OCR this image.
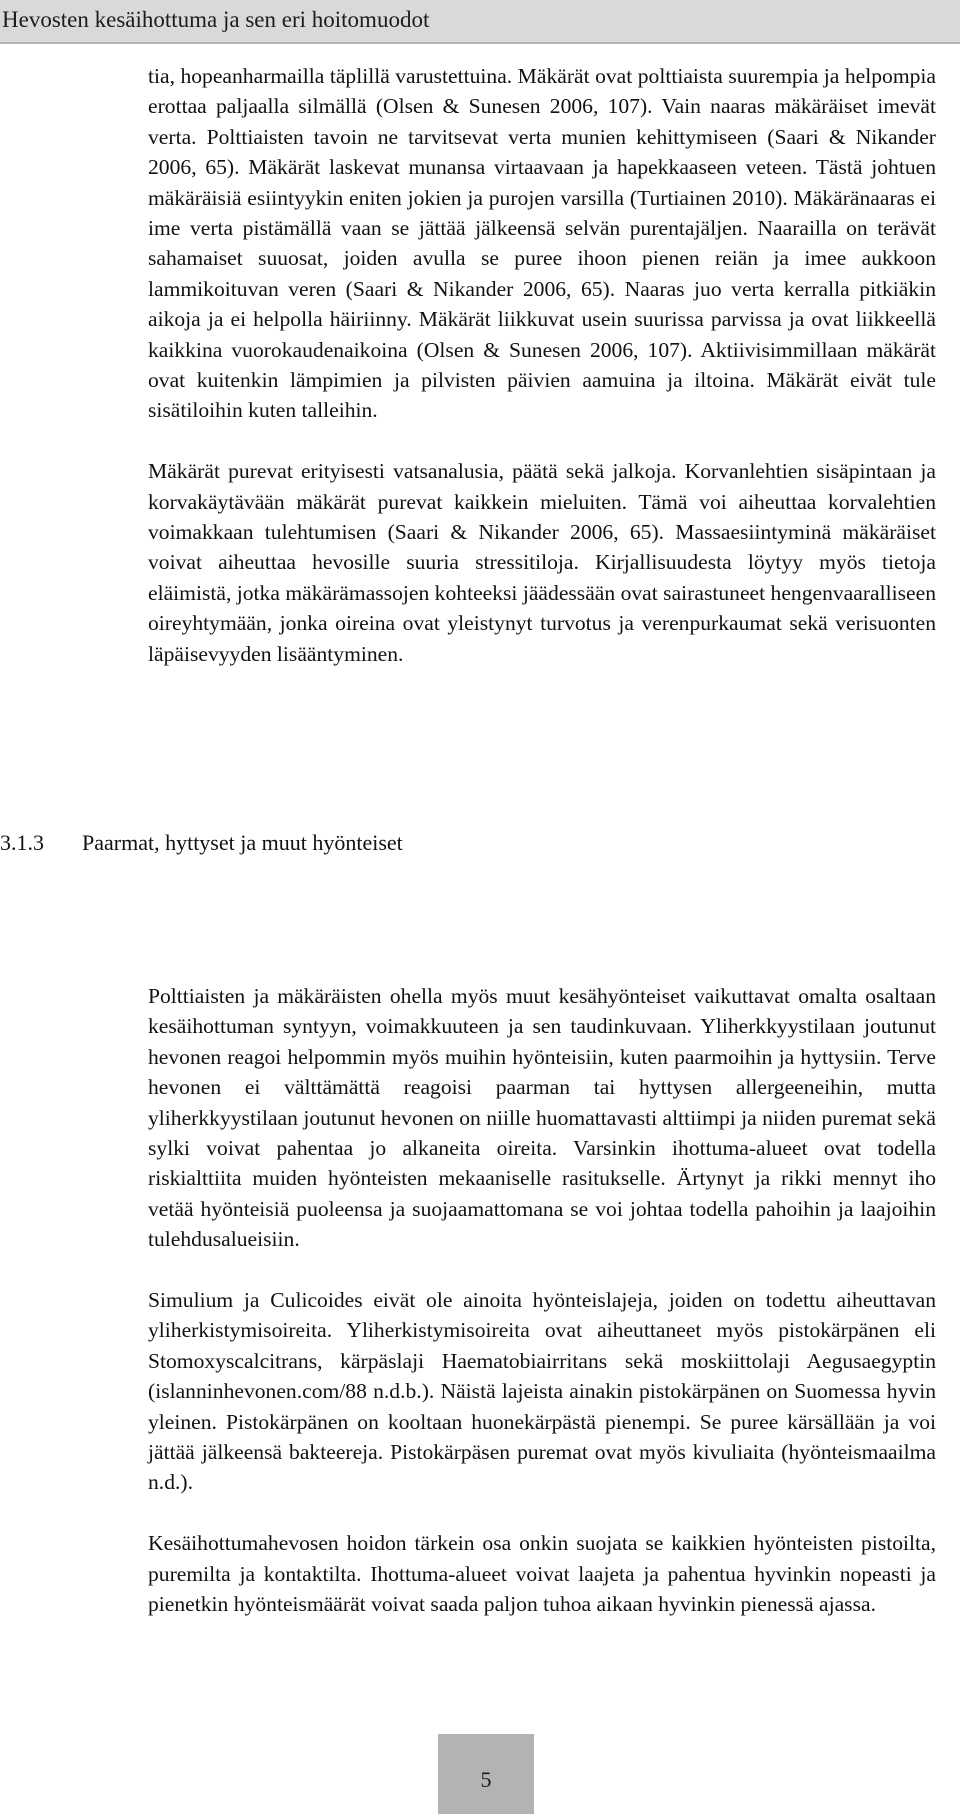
Hevosten kesäihottuma ja sen eri hoitomuodot

tia, hopeanharmailla täplillä varustettuina. Mäkärät ovat polttiaista suurempia ja helpompia erottaa paljaalla silmällä (Olsen & Sunesen 2006, 107). Vain naaras mäkäräiset imevät verta. Polttiaisten tavoin ne tarvitsevat verta munien kehittymiseen (Saari & Nikander 2006, 65). Mäkärät laskevat munansa virtaavaan ja hapekkaaseen veteen. Tästä johtuen mäkäräisiä esiintyykin eniten jokien ja purojen varsilla (Turtiainen 2010). Mäkäränaaras ei ime verta pistämällä vaan se jättää jälkeensä selvän purentajäljen. Naarailla on terävät sahamaiset suuosat, joiden avulla se puree ihoon pienen reiän ja imee aukkoon lammikoituvan veren (Saari & Nikander 2006, 65). Naaras juo verta kerralla pitkiäkin aikoja ja ei helpolla häiriinny. Mäkärät liikkuvat usein suurissa parvissa ja ovat liikkeellä kaikkina vuorokaudenaikoina (Olsen & Sunesen 2006, 107). Aktiivisimmillaan mäkärät ovat kuitenkin lämpimien ja pilvisten päivien aamuina ja iltoina. Mäkärät eivät tule sisätiloihin kuten talleihin.

Mäkärät purevat erityisesti vatsanalusia, päätä sekä jalkoja. Korvanlehtien sisäpintaan ja korvakäytävään mäkärät purevat kaikkein mieluiten. Tämä voi aiheuttaa korvalehtien voimakkaan tulehtumisen (Saari & Nikander 2006, 65). Massaesiintyminä mäkäräiset voivat aiheuttaa hevosille suuria stressitiloja. Kirjallisuudesta löytyy myös tietoja eläimistä, jotka mäkärämassojen kohteeksi jäädessään ovat sairastuneet hengenvaaralliseen oireyhtymään, jonka oireina ovat yleistynyt turvotus ja verenpurkaumat sekä verisuonten läpäisevyyden lisääntyminen.

3.1.3 Paarmat, hyttyset ja muut hyönteiset

Polttiaisten ja mäkäräisten ohella myös muut kesähyönteiset vaikuttavat omalta osaltaan kesäihottuman syntyyn, voimakkuuteen ja sen taudinkuvaan. Yliherkkyystilaan joutunut hevonen reagoi helpommin myös muihin hyönteisiin, kuten paarmoihin ja hyttysiin. Terve hevonen ei välttämättä reagoisi paarman tai hyttysen allergeeneihin, mutta yliherkkyystilaan joutunut hevonen on niille huomattavasti alttiimpi ja niiden puremat sekä sylki voivat pahentaa jo alkaneita oireita. Varsinkin ihottuma-alueet ovat todella riskialttiita muiden hyönteisten mekaaniselle rasitukselle. Ärtynyt ja rikki mennyt iho vetää hyönteisiä puoleensa ja suojaamattomana se voi johtaa todella pahoihin ja laajoihin tulehdusalueisiin.

Simulium ja Culicoides eivät ole ainoita hyönteislajeja, joiden on todettu aiheuttavan yliherkistymisoireita. Yliherkistymisoireita ovat aiheuttaneet myös pistokärpänen eli Stomoxyscalcitrans, kärpäslaji Haematobiairritans sekä moskiittolaji Aegusaegyptin (islanninhevonen.com/88 n.d.b.). Näistä lajeista ainakin pistokärpänen on Suomessa hyvin yleinen. Pistokärpänen on kooltaan huonekärpästä pienempi. Se puree kärsällään ja voi jättää jälkeensä bakteereja. Pistokärpäsen puremat ovat myös kivuliaita (hyönteismaailma n.d.).

Kesäihottumahevosen hoidon tärkein osa onkin suojata se kaikkien hyönteisten pistoilta, puremilta ja kontaktilta. Ihottuma-alueet voivat laajeta ja pahentua hyvinkin nopeasti ja pienetkin hyönteismäärät voivat saada paljon tuhoa aikaan hyvinkin pienessä ajassa.

5
